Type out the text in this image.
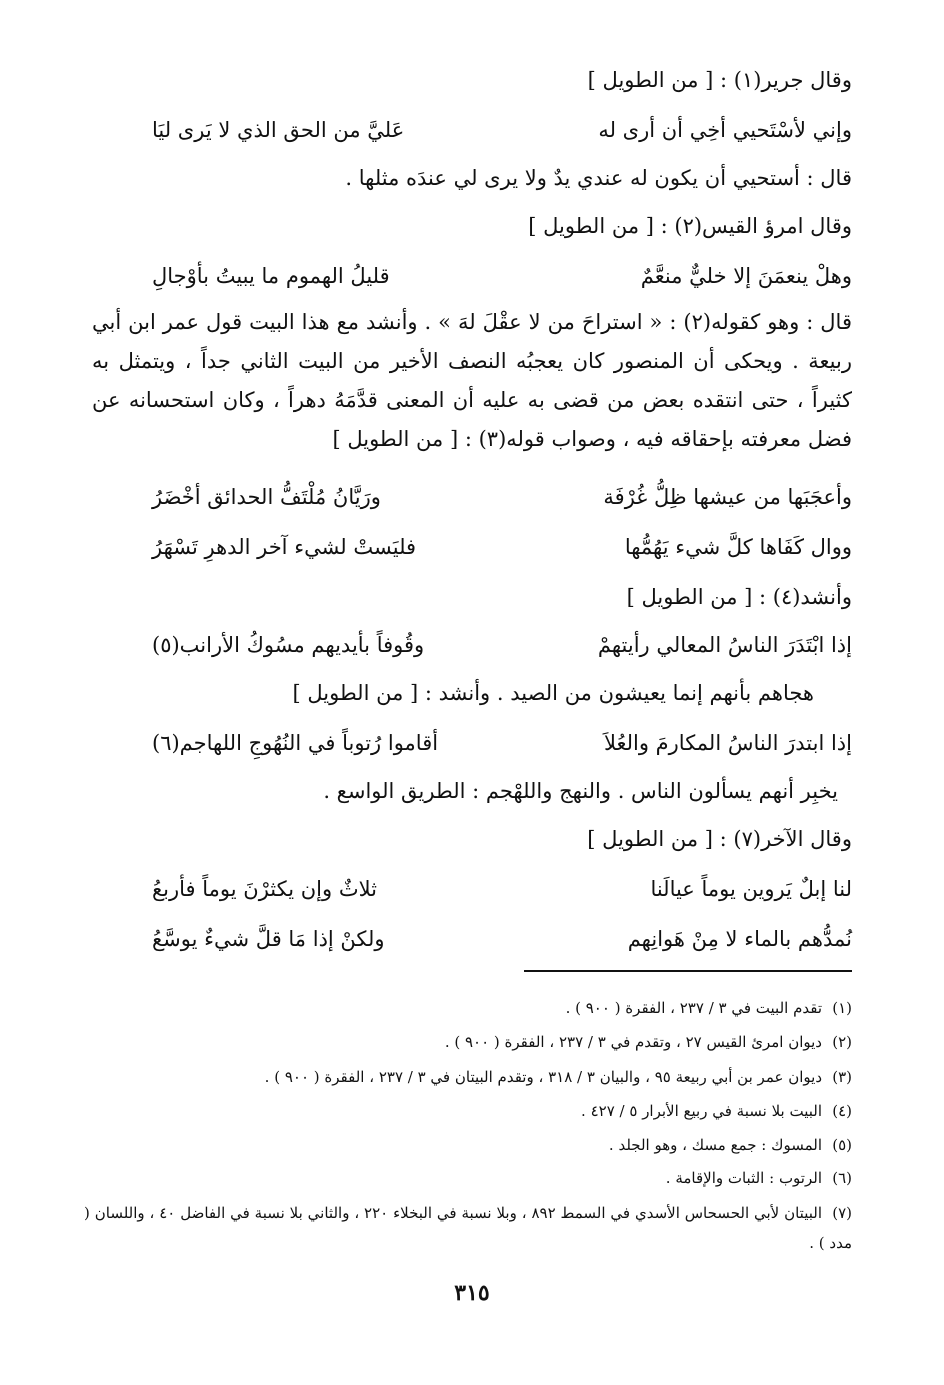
وقال جرير(١) : [ من الطويل ]
وإني لأسْتَحيي أخِي أن أرى له
عَليَّ من الحق الذي لا يَرى ليَا
قال : أستحيي أن يكون له عندي يدٌ ولا يرى لي عندَه مثلها .
وقال امرؤ القيس(٢) : [ من الطويل ]
وهلْ ينعمَنَ إلا خليٌّ منعَّمٌ
قليلُ الهموم ما يبيتُ بأوْجالِ
قال : وهو كقوله(٢) : « استراحَ من لا عقْلَ لهَ » . وأنشد مع هذا البيت قول عمر ابن أبي ربيعة . ويحكى أن المنصور كان يعجبُه النصف الأخير من البيت الثاني جداً ، ويتمثل به كثيراً ، حتى انتقده بعض من قضى به عليه أن المعنى قدَّمَهُ دهراً ، وكان استحسانه عن فضل معرفته بإحقاقه فيه ، وصواب قوله(٣) : [ من الطويل ]
وأعجَبَها من عيشها ظِلُّ غُرْفَة
ورَيَّانُ مُلْتَفُّ الحدائق أخْضَرُ
ووال كَفَاها كلَّ شيء يَهُمُّها
فليَستْ لشيء آخر الدهرِ تَسْهَرُ
وأنشد(٤) : [ من الطويل ]
إذا ابْتَدَرَ الناسُ المعالي رأيتهمْ
وقُوفاً بأيديهم مسُوكُ الأرانب(٥)
هجاهم بأنهم إنما يعيشون من الصيد . وأنشد : [ من الطويل ]
إذا ابتدرَ الناسُ المكارمَ والعُلاَ
أقاموا رُتوباً في النُهُوجِ اللهاجم(٦)
يخبِر أنهم يسألون الناس . والنهج واللهْجم : الطريق الواسع .
وقال الآخر(٧) : [ من الطويل ]
لنا إبلٌ يَروين يوماً عيالَنا
ثلاثٌ وإن يكثرْنَ يوماً فأربعُ
نُمدُّهم بالماء لا مِنْ هَوانِهم
ولكنْ إذا مَا قلَّ شيءٌ يوسَّعُ
(١)تقدم البيت في ٣ / ٢٣٧ ، الفقرة ( ٩٠٠ ) .
(٢)ديوان امرئ القيس ٢٧ ، وتقدم في ٣ / ٢٣٧ ، الفقرة ( ٩٠٠ ) .
(٣)ديوان عمر بن أبي ربيعة ٩٥ ، والبيان ٣ / ٣١٨ ، وتقدم البيتان في ٣ / ٢٣٧ ، الفقرة ( ٩٠٠ ) .
(٤)البيت بلا نسبة في ربيع الأبرار ٥ / ٤٢٧ .
(٥)المسوك : جمع مسك ، وهو الجلد .
(٦)الرتوب : الثبات والإقامة .
(٧)البيتان لأبي الحسحاس الأسدي في السمط ٨٩٢ ، وبلا نسبة في البخلاء ٢٢٠ ، والثاني بلا نسبة في الفاضل ٤٠ ، واللسان ( مدد ) .
٣١٥
